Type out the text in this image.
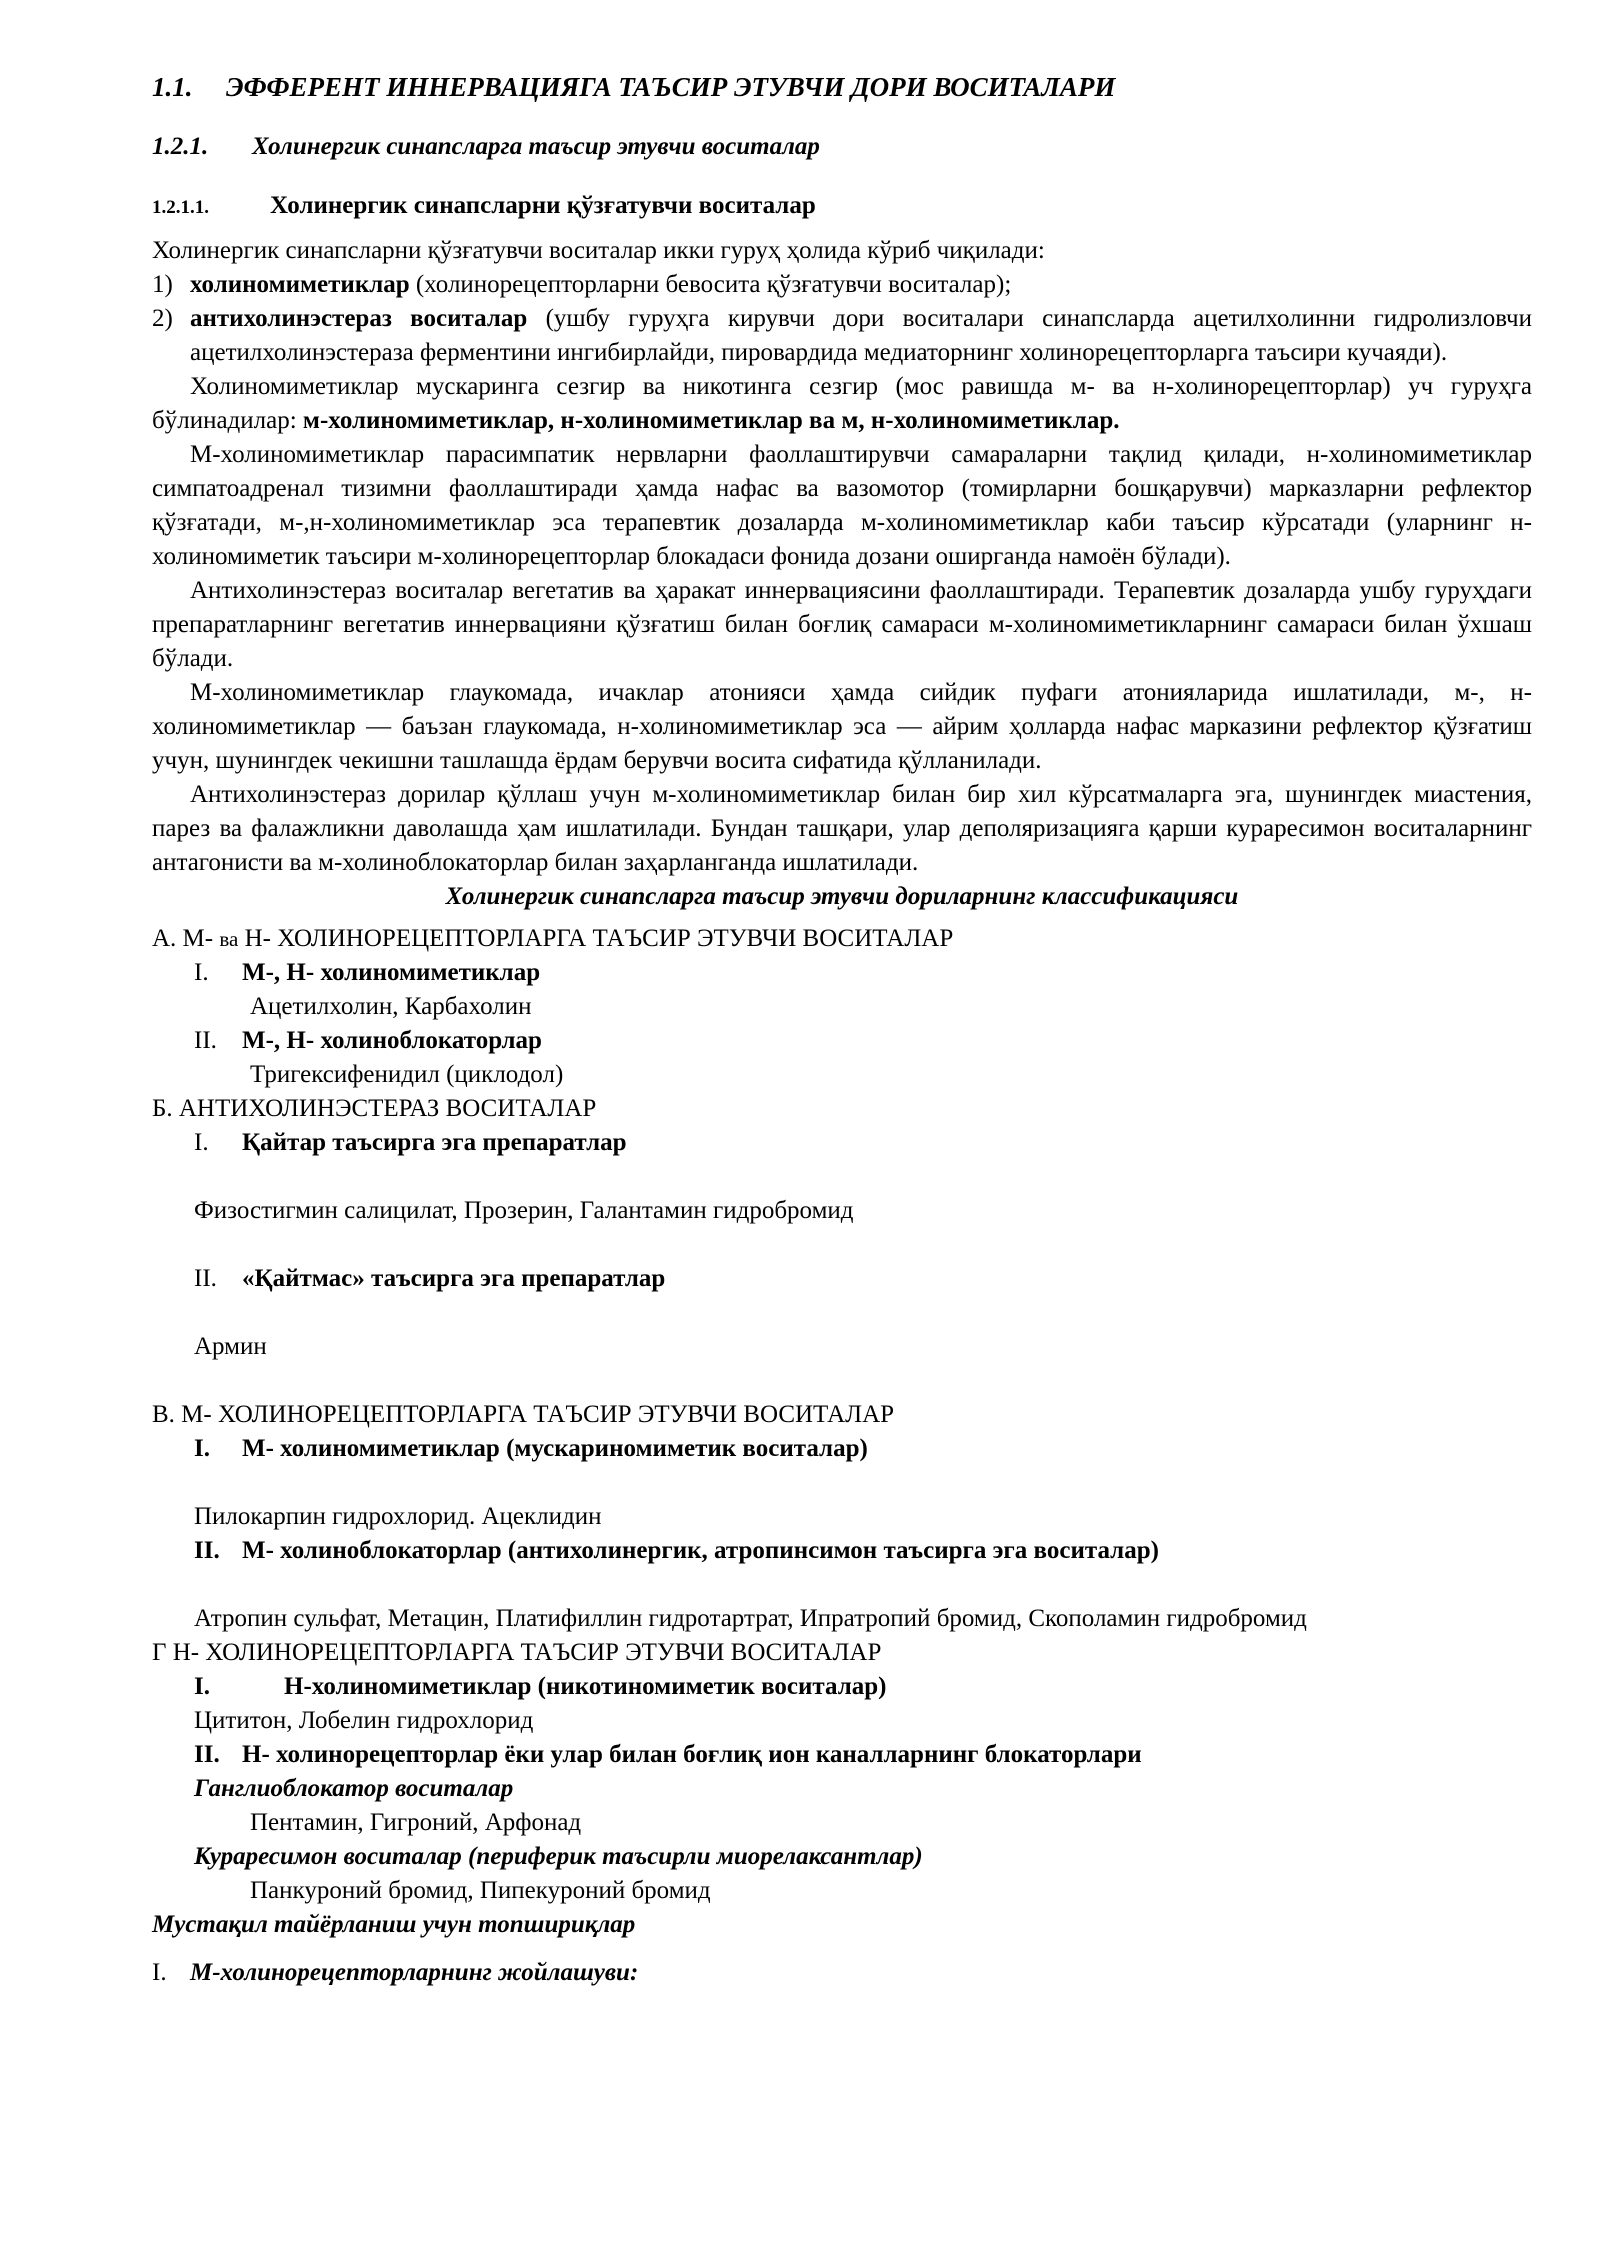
1.1. ЭФФЕРЕНТ ИННЕРВАЦИЯГА ТАЪСИР ЭТУВЧИ ДОРИ ВОСИТАЛАРИ
1.2.1. Холинергик синапсларга таъсир этувчи воситалар
1.2.1.1. Холинергик синапсларни қўзғатувчи воситалар

Холинергик синапсларни қўзғатувчи воситалар икки гуруҳ ҳолида кўриб чиқилади:

1) холиномиметиклар (холинорецепторларни бевосита қўзғатувчи воситалар);
2) антихолинэстераз воситалар (ушбу гуруҳга кирувчи дори воситалари синапсларда ацетилхолинни гидролизловчи ацетилхолинэстераза ферментини ингибирлайди, пировардида медиаторнинг холинорецепторларга таъсири кучаяди).

Холиномиметиклар мускаринга сезгир ва никотинга сезгир (мос равишда м- ва н-холинорецепторлар) уч гуруҳга бўлинадилар: м-холиномиметиклар, н-холиномиметиклар ва м, н-холиномиметиклар.

М-холиномиметиклар парасимпатик нервларни фаоллаштирувчи самараларни тақлид қилади, н-холиномиметиклар симпатоадренал тизимни фаоллаштиради ҳамда нафас ва вазомотор (томирларни бошқарувчи) марказларни рефлектор қўзғатади, м-,н-холиномиметиклар эса терапевтик дозаларда м-холиномиметиклар каби таъсир кўрсатади (уларнинг н-холиномиметик таъсири м-холинорецепторлар блокадаси фонида дозани оширганда намоён бўлади).

Антихолинэстераз воситалар вегетатив ва ҳаракат иннервациясини фаоллаштиради. Терапевтик дозаларда ушбу гуруҳдаги препаратларнинг вегетатив иннервацияни қўзғатиш билан боғлиқ самараси м-холиномиметикларнинг самараси билан ўхшаш бўлади.

М-холиномиметиклар глаукомада, ичаклар атонияси ҳамда сийдик пуфаги атонияларида ишлатилади, м-, н-холиномиметиклар — баъзан глаукомада, н-холиномиметиклар эса — айрим ҳолларда нафас марказини рефлектор қўзғатиш учун, шунингдек чекишни ташлашда ёрдам берувчи восита сифатида қўлланилади.

Антихолинэстераз дорилар қўллаш учун м-холиномиметиклар билан бир хил кўрсатмаларга эга, шунингдек миастения, парез ва фалажликни даволашда ҳам ишлатилади. Бундан ташқари, улар деполяризацияга қарши кураресимон воситаларнинг антагонисти ва м-холиноблокаторлар билан заҳарланганда ишлатилади.

Холинергик синапсларга таъсир этувчи дориларнинг классификацияси
А. М- ва Н- ХОЛИНОРЕЦЕПТОРЛАРГА ТАЪСИР ЭТУВЧИ ВОСИТАЛАР
I.	М-, Н- холиномиметиклар
Ацетилхолин, Карбахолин
II.	М-, Н- холиноблокаторлар
Тригексифенидил (циклодол)
Б. АНТИХОЛИНЭСТЕРАЗ ВОСИТАЛАР
I.	Қайтар таъсирга эга препаратлар
Физостигмин салицилат, Прозерин, Галантамин гидробромид
II.	«Қайтмас» таъсирга эга препаратлар
Армин
В. М- ХОЛИНОРЕЦЕПТОРЛАРГА ТАЪСИР ЭТУВЧИ ВОСИТАЛАР
I.	М- холиномиметиклар (мускариномиметик воситалар)
Пилокарпин гидрохлорид. Ацеклидин
II. М- холиноблокаторлар (антихолинергик, атропинсимон таъсирга эга воситалар)
Атропин сульфат, Метацин, Платифиллин гидротартрат, Ипратропий бромид, Скополамин гидробромид
Г Н- ХОЛИНОРЕЦЕПТОРЛАРГА ТАЪСИР ЭТУВЧИ ВОСИТАЛАР
I.	Н-холиномиметиклар (никотиномиметик воситалар)
Цититон, Лобелин гидрохлорид
II. Н- холинорецепторлар ёки улар билан боғлиқ ион каналларнинг блокаторлари
Ганглиоблокатор воситалар
Пентамин, Гигроний, Арфонад
Кураресимон воситалар (периферик таъсирли миорелаксантлар)
Панкуроний бромид, Пипекуроний бромид
Мустақил тайёрланиш учун топшириқлар
I. М-холинорецепторларнинг жойлашуви:
